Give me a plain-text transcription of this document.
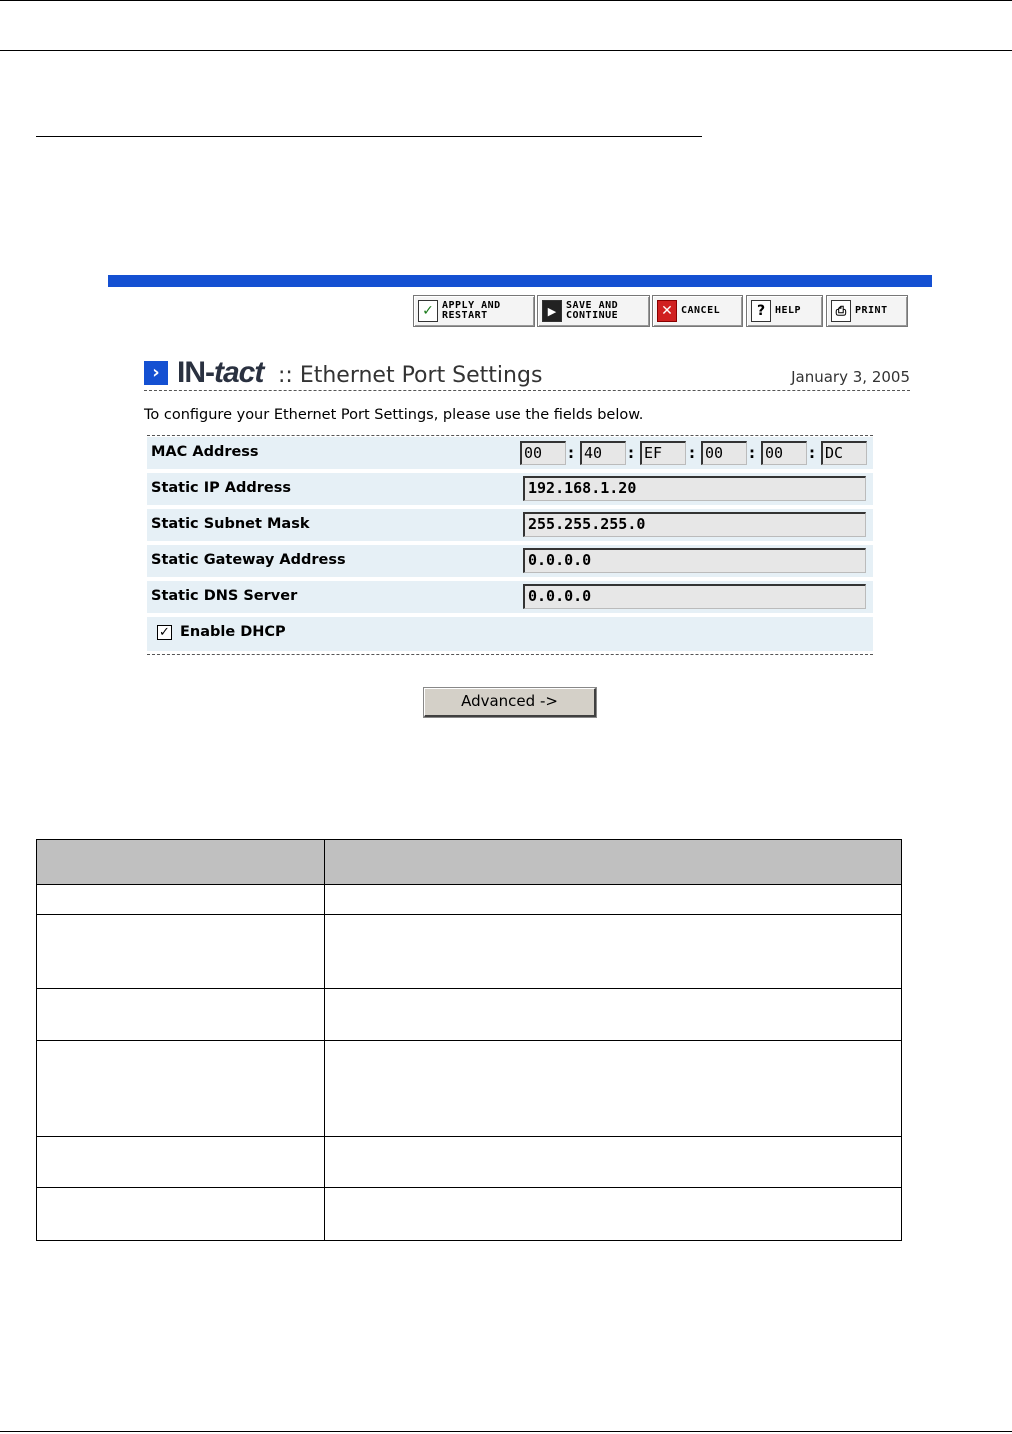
✓ APPLY AND RESTART	▶ SAVE AND CONTINUE	✕ CANCEL	? HELP	⎙ PRINT
› IN-tact :: Ethernet Port Settings	January 3, 2005
To configure your Ethernet Port Settings, please use the fields below.
MAC Address	00	: 40	: EF	: 00	: 00	: DC
Static IP Address	192.168.1.20
Static Subnet Mask	255.255.255.0
Static Gateway Address	0.0.0.0
Static DNS Server	0.0.0.0
✓ Enable DHCP
Advanced ->
